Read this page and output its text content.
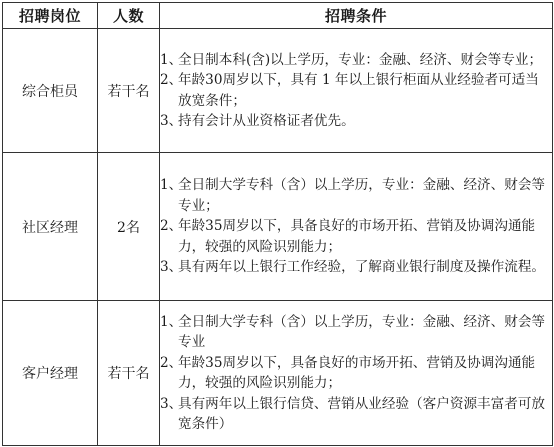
招聘岗位	人数	招聘条件
综合柜员	若干名	1、全日制本科(含)以上学历，专业：金融、经济、财会等专业；
2、年龄30周岁以下，具有 1 年以上银行柜面从业经验者可适当放宽条件；
3、持有会计从业资格证者优先。

社区经理	2名	1、全日制大学专科（含）以上学历，专业：金融、经济、财会等专业；
2、年龄35周岁以下，具备良好的市场开拓、营销及协调沟通能力，较强的风险识别能力；
3、具有两年以上银行工作经验，了解商业银行制度及操作流程。

客户经理	若干名	1、全日制大学专科（含）以上学历，专业：金融、经济、财会等专业
2、年龄35周岁以下，具备良好的市场开拓、营销及协调沟通能力，较强的风险识别能力；
3、具有两年以上银行信贷、营销从业经验（客户资源丰富者可放宽条件）
